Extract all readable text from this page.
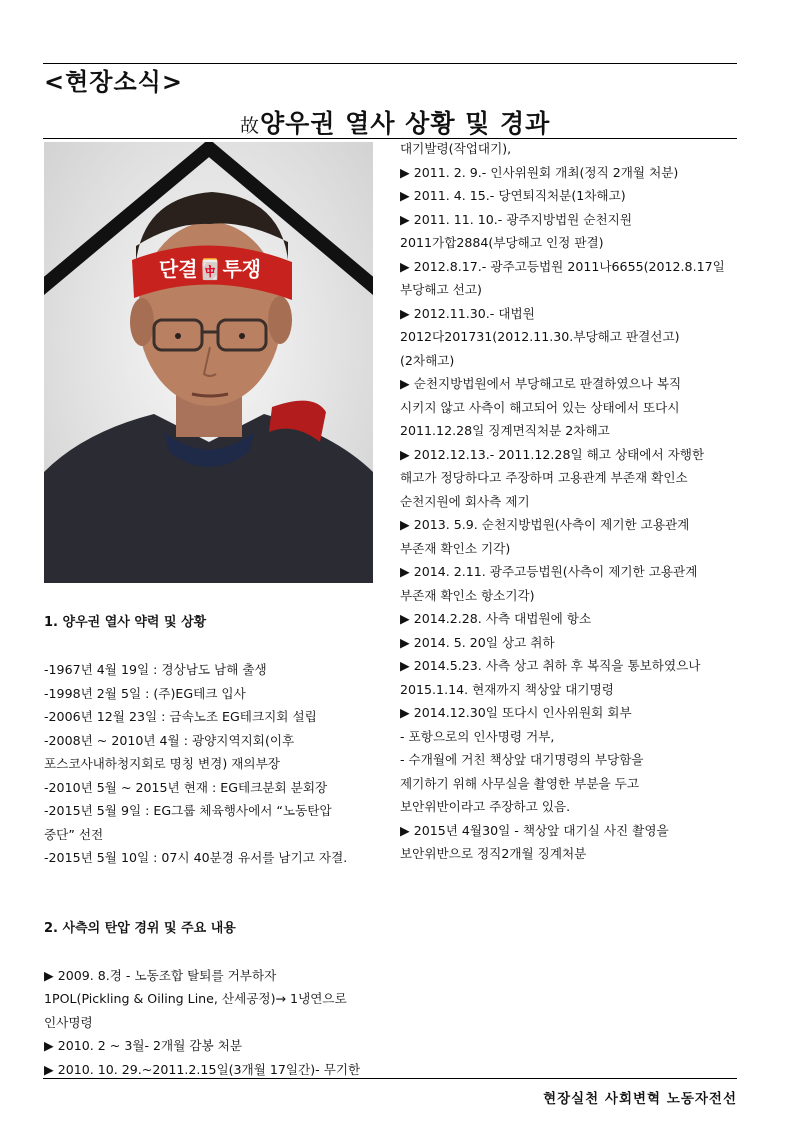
<현장소식>
故양우권 열사 상황 및 경과
단결🀄투쟁
1. 양우권 열사 약력 및 상황
-1967년 4월 19일 : 경상남도 남해 출생
-1998년 2월 5일 : (주)EG테크 입사
-2006년 12월 23일 : 금속노조 EG테크지회 설립
-2008년 ~ 2010년 4월 : 광양지역지회(이후
포스코사내하청지회로 명칭 변경) 재의부장
-2010년 5월 ~ 2015년 현재 : EG테크분회 분회장
-2015년 5월 9일 : EG그룹 체육행사에서 “노동탄압
중단” 선전
-2015년 5월 10일 : 07시 40분경 유서를 남기고 자결.
2. 사측의 탄압 경위 및 주요 내용
▶ 2009. 8.경 - 노동조합 탈퇴를 거부하자
1POL(Pickling & Oiling Line, 산세공정)→ 1냉연으로
인사명령
▶ 2010. 2 ~ 3월- 2개월 감봉 처분
▶ 2010. 10. 29.~2011.2.15일(3개월 17일간)- 무기한
대기발령(작업대기),
▶ 2011. 2. 9.- 인사위원회 개최(정직 2개월 처분)
▶ 2011. 4. 15.- 당연퇴직처분(1차해고)
▶ 2011. 11. 10.- 광주지방법원 순천지원
2011가합2884(부당해고 인정 판결)
▶ 2012.8.17.- 광주고등법원 2011나6655(2012.8.17일
부당해고 선고)
▶ 2012.11.30.- 대법원
2012다201731(2012.11.30.부당해고 판결선고)
(2차해고)
▶ 순천지방법원에서 부당해고로 판결하였으나 복직
시키지 않고 사측이 해고되어 있는 상태에서 또다시
2011.12.28일 징계면직처분 2차해고
▶ 2012.12.13.- 2011.12.28일 해고 상태에서 자행한
해고가 정당하다고 주장하며 고용관계 부존재 확인소
순천지원에 회사측 제기
▶ 2013. 5.9. 순천지방법원(사측이 제기한 고용관계
부존재 확인소 기각)
▶ 2014. 2.11. 광주고등법원(사측이 제기한 고용관계
부존재 확인소 항소기각)
▶ 2014.2.28. 사측 대법원에 항소
▶ 2014. 5. 20일 상고 취하
▶ 2014.5.23. 사측 상고 취하 후 복직을 통보하였으나
2015.1.14. 현재까지 책상앞 대기명령
▶ 2014.12.30일 또다시 인사위원회 회부
- 포항으로의 인사명령 거부,
- 수개월에 거친 책상앞 대기명령의 부당함을
제기하기 위해 사무실을 촬영한 부분을 두고
보안위반이라고 주장하고 있음.
▶ 2015년 4월30일 - 책상앞 대기실 사진 촬영을
보안위반으로 정직2개월 징계처분
현장실천 사회변혁 노동자전선
